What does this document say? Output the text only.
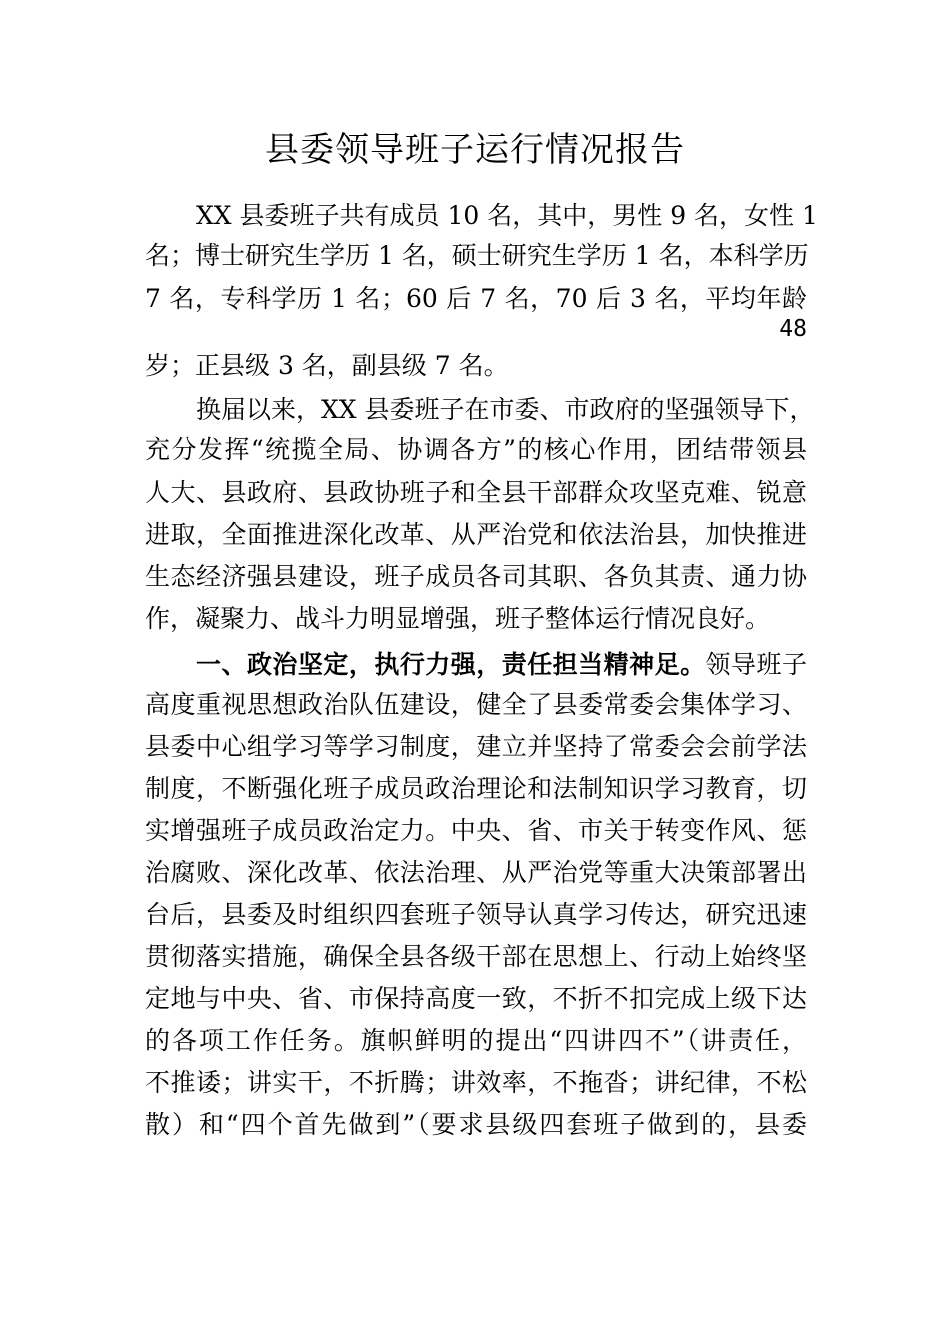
县委领导班子运行情况报告
XX 县委班子共有成员 10 名，其中，男性 9 名，女性 1
名；博士研究生学历 1 名，硕士研究生学历 1 名，本科学历
7 名，专科学历 1 名；60 后 7 名，70 后 3 名，平均年龄
48
岁；正县级 3 名，副县级 7 名。
换届以来，XX 县委班子在市委、市政府的坚强领导下，
充分发挥“统揽全局、协调各方”的核心作用，团结带领县
人大、县政府、县政协班子和全县干部群众攻坚克难、锐意
进取，全面推进深化改革、从严治党和依法治县，加快推进
生态经济强县建设，班子成员各司其职、各负其责、通力协
作，凝聚力、战斗力明显增强，班子整体运行情况良好。
一、政治坚定，执行力强，责任担当精神足。领导班子
高度重视思想政治队伍建设，健全了县委常委会集体学习、
县委中心组学习等学习制度，建立并坚持了常委会会前学法
制度，不断强化班子成员政治理论和法制知识学习教育，切
实增强班子成员政治定力。中央、省、市关于转变作风、惩
治腐败、深化改革、依法治理、从严治党等重大决策部署出
台后，县委及时组织四套班子领导认真学习传达，研究迅速
贯彻落实措施，确保全县各级干部在思想上、行动上始终坚
定地与中央、省、市保持高度一致，不折不扣完成上级下达
的各项工作任务。旗帜鲜明的提出“四讲四不”（讲责任，
不推诿；讲实干，不折腾；讲效率，不拖沓；讲纪律，不松
散）和“四个首先做到”（要求县级四套班子做到的，县委
